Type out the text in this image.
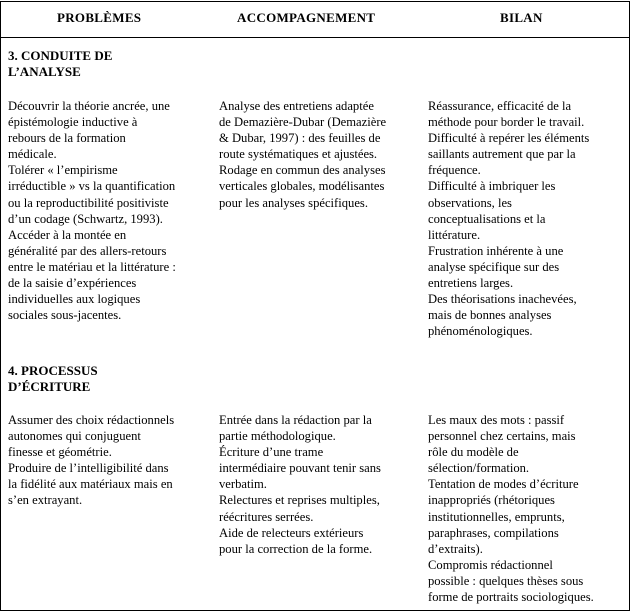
PROBLÈMES	ACCOMPAGNEMENT	BILAN
3. CONDUITE DE
L’ANALYSE
Découvrir la théorie ancrée, une
épistémologie inductive à
rebours de la formation
médicale.
Tolérer « l’empirisme
irréductible » vs la quantification
ou la reproductibilité positiviste
d’un codage (Schwartz, 1993).
Accéder à la montée en
généralité par des allers-retours
entre le matériau et la littérature :
de la saisie d’expériences
individuelles aux logiques
sociales sous-jacentes.
Analyse des entretiens adaptée
de Demazière-Dubar (Demazière
& Dubar, 1997) : des feuilles de
route systématiques et ajustées.
Rodage en commun des analyses
verticales globales, modélisantes
pour les analyses spécifiques.
Réassurance, efficacité de la
méthode pour border le travail.
Difficulté à repérer les éléments
saillants autrement que par la
fréquence.
Difficulté à imbriquer les
observations, les
conceptualisations et la
littérature.
Frustration inhérente à une
analyse spécifique sur des
entretiens larges.
Des théorisations inachevées,
mais de bonnes analyses
phénoménologiques.
4. PROCESSUS
D’ÉCRITURE
Assumer des choix rédactionnels
autonomes qui conjuguent
finesse et géométrie.
Produire de l’intelligibilité dans
la fidélité aux matériaux mais en
s’en extrayant.
Entrée dans la rédaction par la
partie méthodologique.
Écriture d’une trame
intermédiaire pouvant tenir sans
verbatim.
Relectures et reprises multiples,
réécritures serrées.
Aide de relecteurs extérieurs
pour la correction de la forme.
Les maux des mots : passif
personnel chez certains, mais
rôle du modèle de
sélection/formation.
Tentation de modes d’écriture
inappropriés (rhétoriques
institutionnelles, emprunts,
paraphrases, compilations
d’extraits).
Compromis rédactionnel
possible : quelques thèses sous
forme de portraits sociologiques.
